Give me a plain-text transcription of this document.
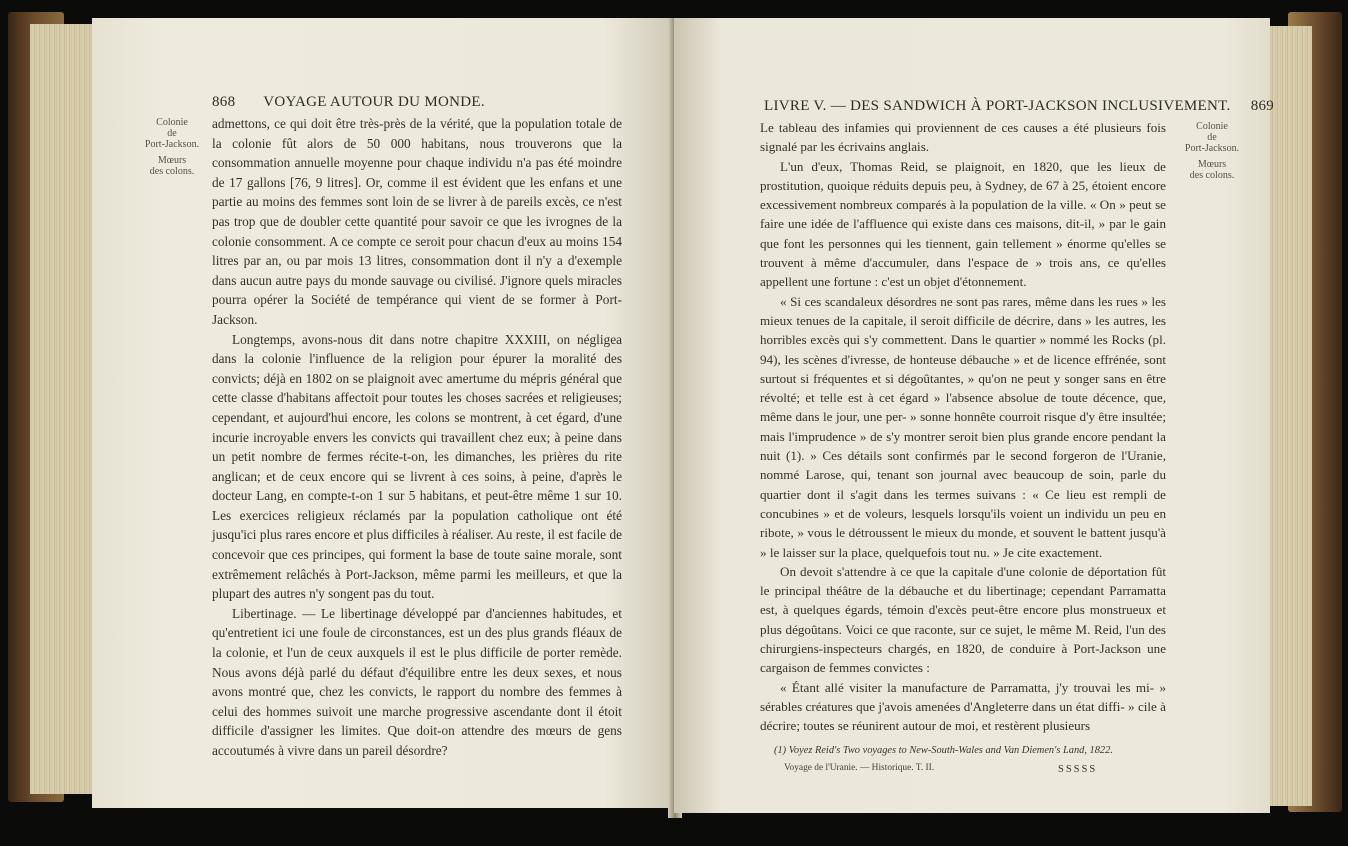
868 VOYAGE AUTOUR DU MONDE.
Colonie
de
Port-Jackson.
Mœurs
des colons.

admettons, ce qui doit être très-près de la vérité, que la population totale de la colonie fût alors de 50 000 habitans, nous trouverons que la consommation annuelle moyenne pour chaque individu n'a pas été moindre de 17 gallons [76, 9 litres]. Or, comme il est évident que les enfans et une partie au moins des femmes sont loin de se livrer à de pareils excès, ce n'est pas trop que de doubler cette quantité pour savoir ce que les ivrognes de la colonie consomment. A ce compte ce seroit pour chacun d'eux au moins 154 litres par an, ou par mois 13 litres, consommation dont il n'y a d'exemple dans aucun autre pays du monde sauvage ou civilisé. J'ignore quels miracles pourra opérer la Société de tempérance qui vient de se former à Port-Jackson.

Longtemps, avons-nous dit dans notre chapitre XXXIII, on négligea dans la colonie l'influence de la religion pour épurer la moralité des convicts; déjà en 1802 on se plaignoit avec amertume du mépris général que cette classe d'habitans affectoit pour toutes les choses sacrées et religieuses; cependant, et aujourd'hui encore, les colons se montrent, à cet égard, d'une incurie incroyable envers les convicts qui travaillent chez eux; à peine dans un petit nombre de fermes récite-t-on, les dimanches, les prières du rite anglican; et de ceux encore qui se livrent à ces soins, à peine, d'après le docteur Lang, en compte-t-on 1 sur 5 habitans, et peut-être même 1 sur 10. Les exercices religieux réclamés par la population catholique ont été jusqu'ici plus rares encore et plus difficiles à réaliser. Au reste, il est facile de concevoir que ces principes, qui forment la base de toute saine morale, sont extrêmement relâchés à Port-Jackson, même parmi les meilleurs, et que la plupart des autres n'y songent pas du tout.

Libertinage. — Le libertinage développé par d'anciennes habitudes, et qu'entretient ici une foule de circonstances, est un des plus grands fléaux de la colonie, et l'un de ceux auxquels il est le plus difficile de porter remède. Nous avons déjà parlé du défaut d'équilibre entre les deux sexes, et nous avons montré que, chez les convicts, le rapport du nombre des femmes à celui des hommes suivoit une marche progressive ascendante dont il étoit difficile d'assigner les limites. Que doit-on attendre des mœurs de gens accoutumés à vivre dans un pareil désordre?

LIVRE V. — DES SANDWICH À PORT-JACKSON INCLUSIVEMENT. 869
Colonie
de
Port-Jackson.
Mœurs
des colons.

Le tableau des infamies qui proviennent de ces causes a été plusieurs fois signalé par les écrivains anglais.

L'un d'eux, Thomas Reid, se plaignoit, en 1820, que les lieux de prostitution, quoique réduits depuis peu, à Sydney, de 67 à 25, étoient encore excessivement nombreux comparés à la population de la ville. « On » peut se faire une idée de l'affluence qui existe dans ces maisons, dit-il, » par le gain que font les personnes qui les tiennent, gain tellement » énorme qu'elles se trouvent à même d'accumuler, dans l'espace de » trois ans, ce qu'elles appellent une fortune : c'est un objet d'étonnement.

« Si ces scandaleux désordres ne sont pas rares, même dans les rues » les mieux tenues de la capitale, il seroit difficile de décrire, dans » les autres, les horribles excès qui s'y commettent. Dans le quartier » nommé les Rocks (pl. 94), les scènes d'ivresse, de honteuse débauche » et de licence effrénée, sont surtout si fréquentes et si dégoûtantes, » qu'on ne peut y songer sans en être révolté; et telle est à cet égard » l'absence absolue de toute décence, que, même dans le jour, une per- » sonne honnête courroit risque d'y être insultée; mais l'imprudence » de s'y montrer seroit bien plus grande encore pendant la nuit (1). » Ces détails sont confirmés par le second forgeron de l'Uranie, nommé Larose, qui, tenant son journal avec beaucoup de soin, parle du quartier dont il s'agit dans les termes suivans : « Ce lieu est rempli de concubines » et de voleurs, lesquels lorsqu'ils voient un individu un peu en ribote, » vous le détroussent le mieux du monde, et souvent le battent jusqu'à » le laisser sur la place, quelquefois tout nu. » Je cite exactement.

On devoit s'attendre à ce que la capitale d'une colonie de déportation fût le principal théâtre de la débauche et du libertinage; cependant Parramatta est, à quelques égards, témoin d'excès peut-être encore plus monstrueux et plus dégoûtans. Voici ce que raconte, sur ce sujet, le même M. Reid, l'un des chirurgiens-inspecteurs chargés, en 1820, de conduire à Port-Jackson une cargaison de femmes convictes :

« Étant allé visiter la manufacture de Parramatta, j'y trouvai les mi- » sérables créatures que j'avois amenées d'Angleterre dans un état diffi- » cile à décrire; toutes se réunirent autour de moi, et restèrent plusieurs

(1) Voyez Reid's Two voyages to New-South-Wales and Van Diemen's Land, 1822.
Voyage de l'Uranie. — Historique. T. II.	SSSSS
